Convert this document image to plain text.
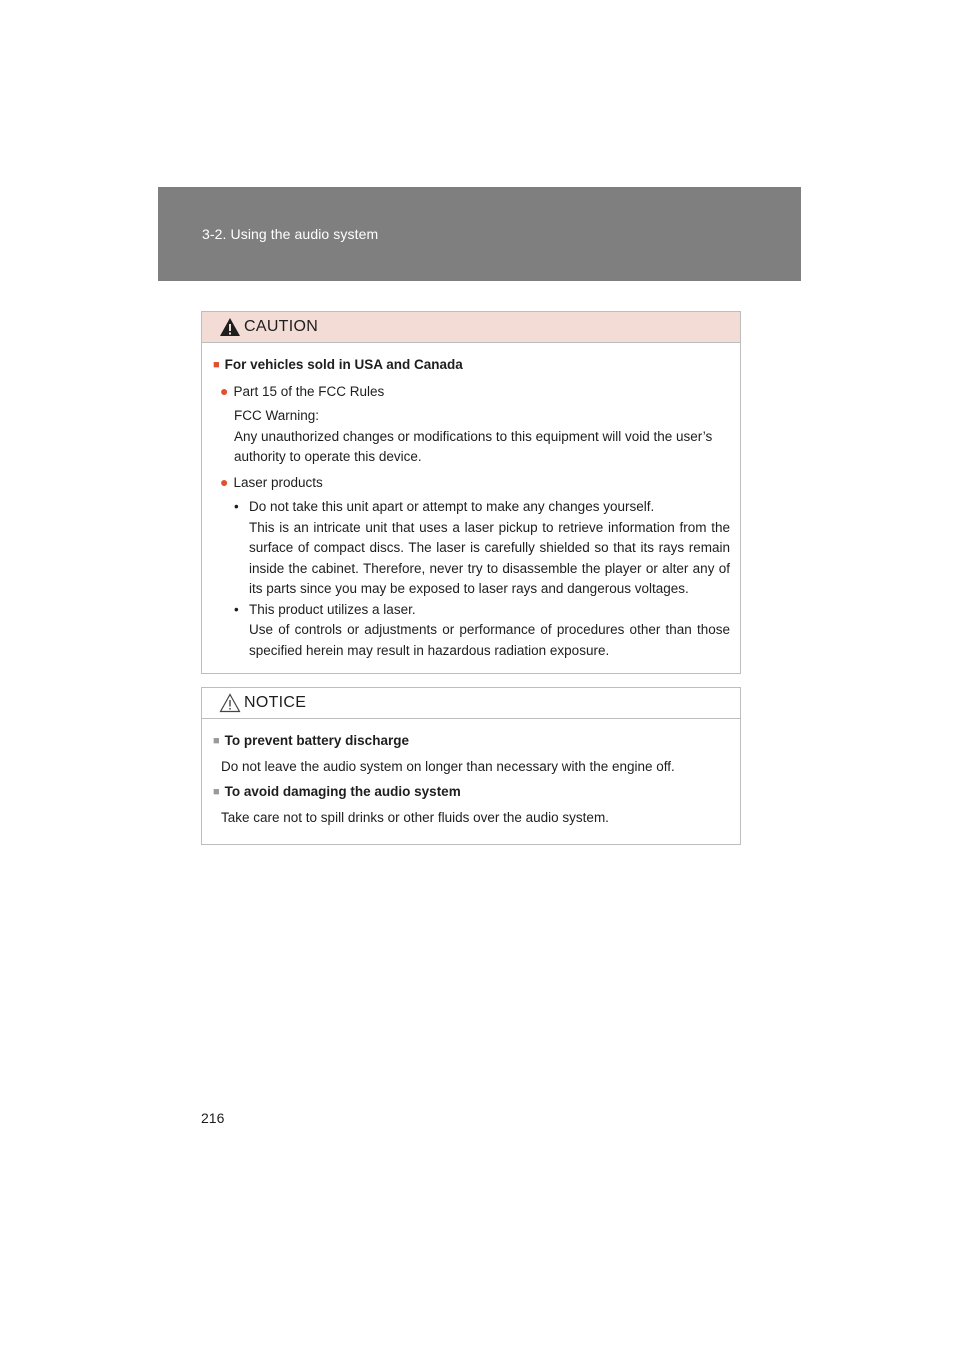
3-2. Using the audio system
CAUTION
■ For vehicles sold in USA and Canada
● Part 15 of the FCC Rules
FCC Warning:
Any unauthorized changes or modifications to this equipment will void the user’s authority to operate this device.
● Laser products
• Do not take this unit apart or attempt to make any changes yourself.
This is an intricate unit that uses a laser pickup to retrieve information from the surface of compact discs. The laser is carefully shielded so that its rays remain inside the cabinet. Therefore, never try to disassemble the player or alter any of its parts since you may be exposed to laser rays and dangerous voltages.
• This product utilizes a laser.
Use of controls or adjustments or performance of procedures other than those specified herein may result in hazardous radiation exposure.
NOTICE
■ To prevent battery discharge
Do not leave the audio system on longer than necessary with the engine off.
■ To avoid damaging the audio system
Take care not to spill drinks or other fluids over the audio system.
216
